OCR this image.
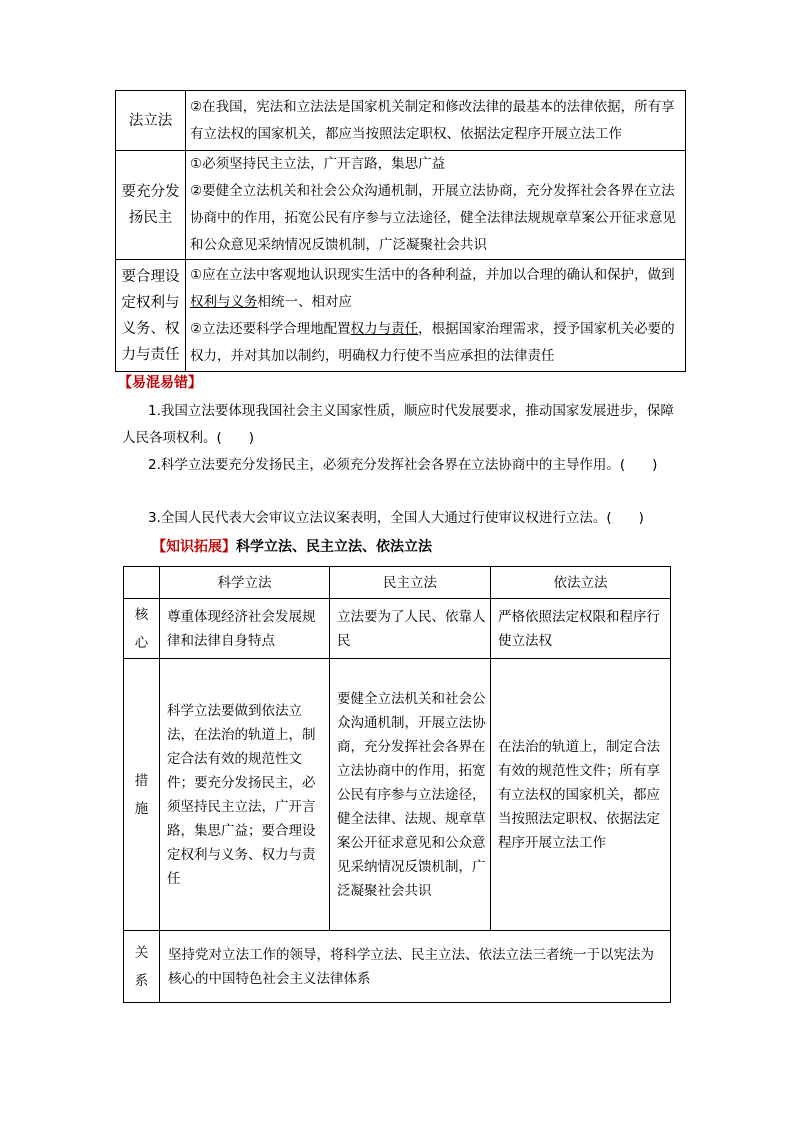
法立法	②在我国，宪法和立法法是国家机关制定和修改法律的最基本的法律依据，所有享有立法权的国家机关，都应当按照法定职权、依据法定程序开展立法工作

要充分发扬民主	①必须坚持民主立法，广开言路，集思广益
②要健全立法机关和社会公众沟通机制，开展立法协商，充分发挥社会各界在立法协商中的作用，拓宽公民有序参与立法途径，健全法律法规规章草案公开征求意见和公众意见采纳情况反馈机制，广泛凝聚社会共识

要合理设定权利与义务、权力与责任	①应在立法中客观地认识现实生活中的各种利益，并加以合理的确认和保护，做到权利与义务相统一、相对应
②立法还要科学合理地配置权力与责任，根据国家治理需求，授予国家机关必要的权力，并对其加以制约，明确权力行使不当应承担的法律责任
【易混易错】
1.我国立法要体现我国社会主义国家性质，顺应时代发展要求，推动国家发展进步，保障人民各项权利。(　　)
2.科学立法要充分发扬民主，必须充分发挥社会各界在立法协商中的主导作用。(　　)
3.全国人民代表大会审议立法议案表明，全国人大通过行使审议权进行立法。(　　)
【知识拓展】科学立法、民主立法、依法立法
	科学立法	民主立法	依法立法
核心	尊重体现经济社会发展规律和法律自身特点	立法要为了人民、依靠人民	严格依照法定权限和程序行使立法权
措施	科学立法要做到依法立法，在法治的轨道上，制定合法有效的规范性文件；要充分发扬民主，必须坚持民主立法，广开言路，集思广益；要合理设定权利与义务、权力与责任	要健全立法机关和社会公众沟通机制，开展立法协商，充分发挥社会各界在立法协商中的作用，拓宽公民有序参与立法途径，健全法律、法规、规章草案公开征求意见和公众意见采纳情况反馈机制，广泛凝聚社会共识	在法治的轨道上，制定合法有效的规范性文件；所有享有立法权的国家机关，都应当按照法定职权、依据法定程序开展立法工作
关系	坚持党对立法工作的领导，将科学立法、民主立法、依法立法三者统一于以宪法为核心的中国特色社会主义法律体系		
